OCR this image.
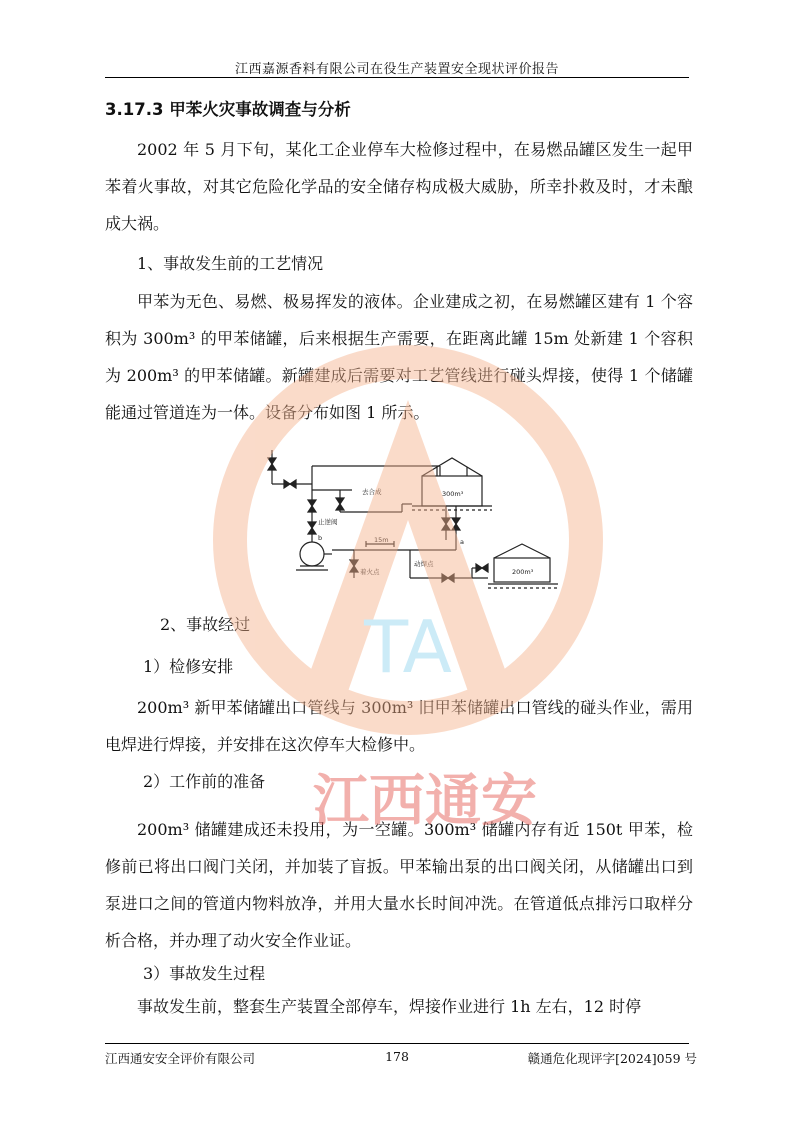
江西嘉源香料有限公司在役生产装置安全现状评价报告
3.17.3 甲苯火灾事故调查与分析
2002 年 5 月下旬，某化工企业停车大检修过程中，在易燃品罐区发生一起甲苯着火事故，对其它危险化学品的安全储存构成极大威胁，所幸扑救及时，才未酿成大祸。
1、事故发生前的工艺情况
甲苯为无色、易燃、极易挥发的液体。企业建成之初，在易燃罐区建有 1 个容积为 300m³ 的甲苯储罐，后来根据生产需要，在距离此罐 15m 处新建 1 个容积为 200m³ 的甲苯储罐。新罐建成后需要对工艺管线进行碰头焊接，使得 1 个储罐能通过管道连为一体。设备分布如图 1 所示。
300m³
200m³
去合成
止逆阀
15m
动焊点
着火点
a
b
2、事故经过
1）检修安排
200m³ 新甲苯储罐出口管线与 300m³ 旧甲苯储罐出口管线的碰头作业，需用电焊进行焊接，并安排在这次停车大检修中。
2）工作前的准备
200m³ 储罐建成还未投用，为一空罐。300m³ 储罐内存有近 150t 甲苯，检修前已将出口阀门关闭，并加装了盲扳。甲苯输出泵的出口阀关闭，从储罐出口到泵进口之间的管道内物料放净，并用大量水长时间冲洗。在管道低点排污口取样分析合格，并办理了动火安全作业证。
3）事故发生过程
事故发生前，整套生产装置全部停车，焊接作业进行 1h 左右，12 时停
TA
江西通安
江西通安安全评价有限公司	178	赣通危化现评字[2024]059 号
